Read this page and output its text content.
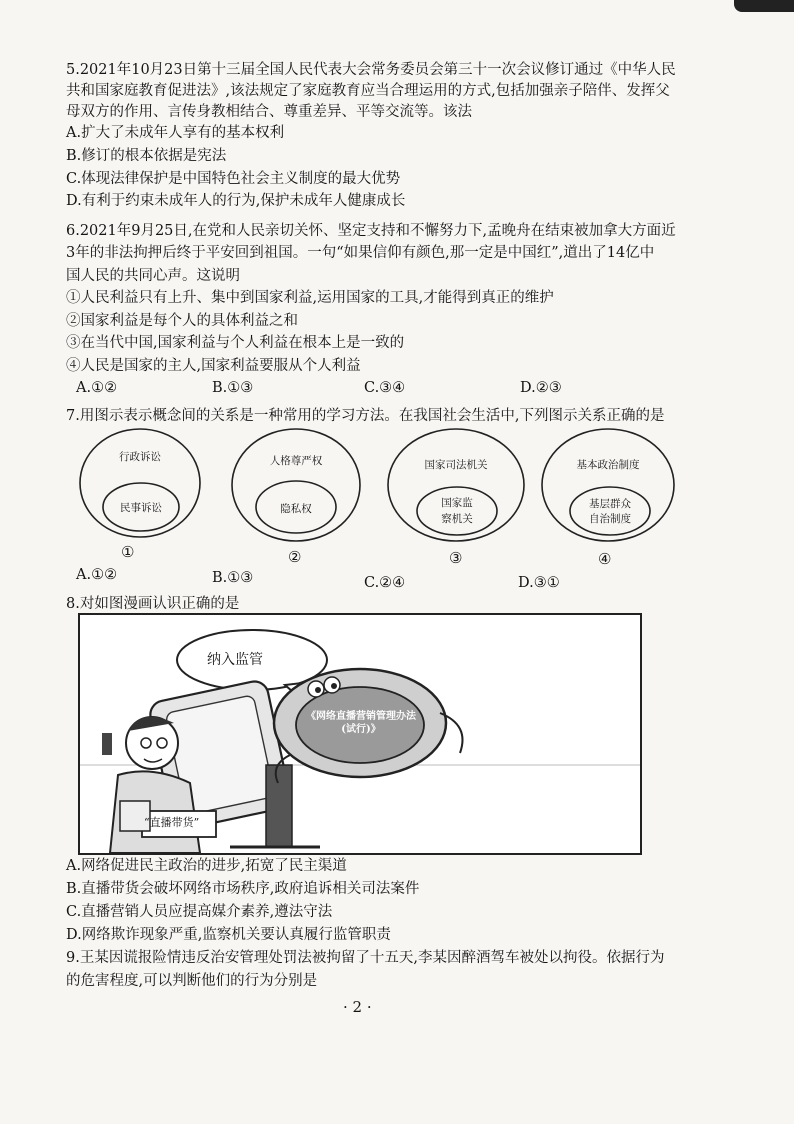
5.2021年10月23日第十三届全国人民代表大会常务委员会第三十一次会议修订通过《中华人民
共和国家庭教育促进法》,该法规定了家庭教育应当合理运用的方式,包括加强亲子陪伴、发挥父
母双方的作用、言传身教相结合、尊重差异、平等交流等。该法
A.扩大了未成年人享有的基本权利
B.修订的根本依据是宪法
C.体现法律保护是中国特色社会主义制度的最大优势
D.有利于约束未成年人的行为,保护未成年人健康成长
6.2021年9月25日,在党和人民亲切关怀、坚定支持和不懈努力下,孟晚舟在结束被加拿大方面近
3年的非法拘押后终于平安回到祖国。一句“如果信仰有颜色,那一定是中国红”,道出了14亿中
国人民的共同心声。这说明
①人民利益只有上升、集中到国家利益,运用国家的工具,才能得到真正的维护
②国家利益是每个人的具体利益之和
③在当代中国,国家利益与个人利益在根本上是一致的
④人民是国家的主人,国家利益要服从个人利益
A.①②	B.①③	C.③④	D.②③
7.用图示表示概念间的关系是一种常用的学习方法。在我国社会生活中,下列图示关系正确的是
行政诉讼
民事诉讼
①
人格尊严权
隐私权
②
国家司法机关
国家监察机关
③
基本政治制度
基层群众自治制度
④
A.①②	B.①③	C.②④	D.③①
8.对如图漫画认识正确的是
纳入监管
“直播带货”
《网络直播营销管理办法(试行)》
A.网络促进民主政治的进步,拓宽了民主渠道
B.直播带货会破坏网络市场秩序,政府追诉相关司法案件
C.直播营销人员应提高媒介素养,遵法守法
D.网络欺诈现象严重,监察机关要认真履行监管职责
9.王某因谎报险情违反治安管理处罚法被拘留了十五天,李某因醉酒驾车被处以拘役。依据行为
的危害程度,可以判断他们的行为分别是
· 2 ·
